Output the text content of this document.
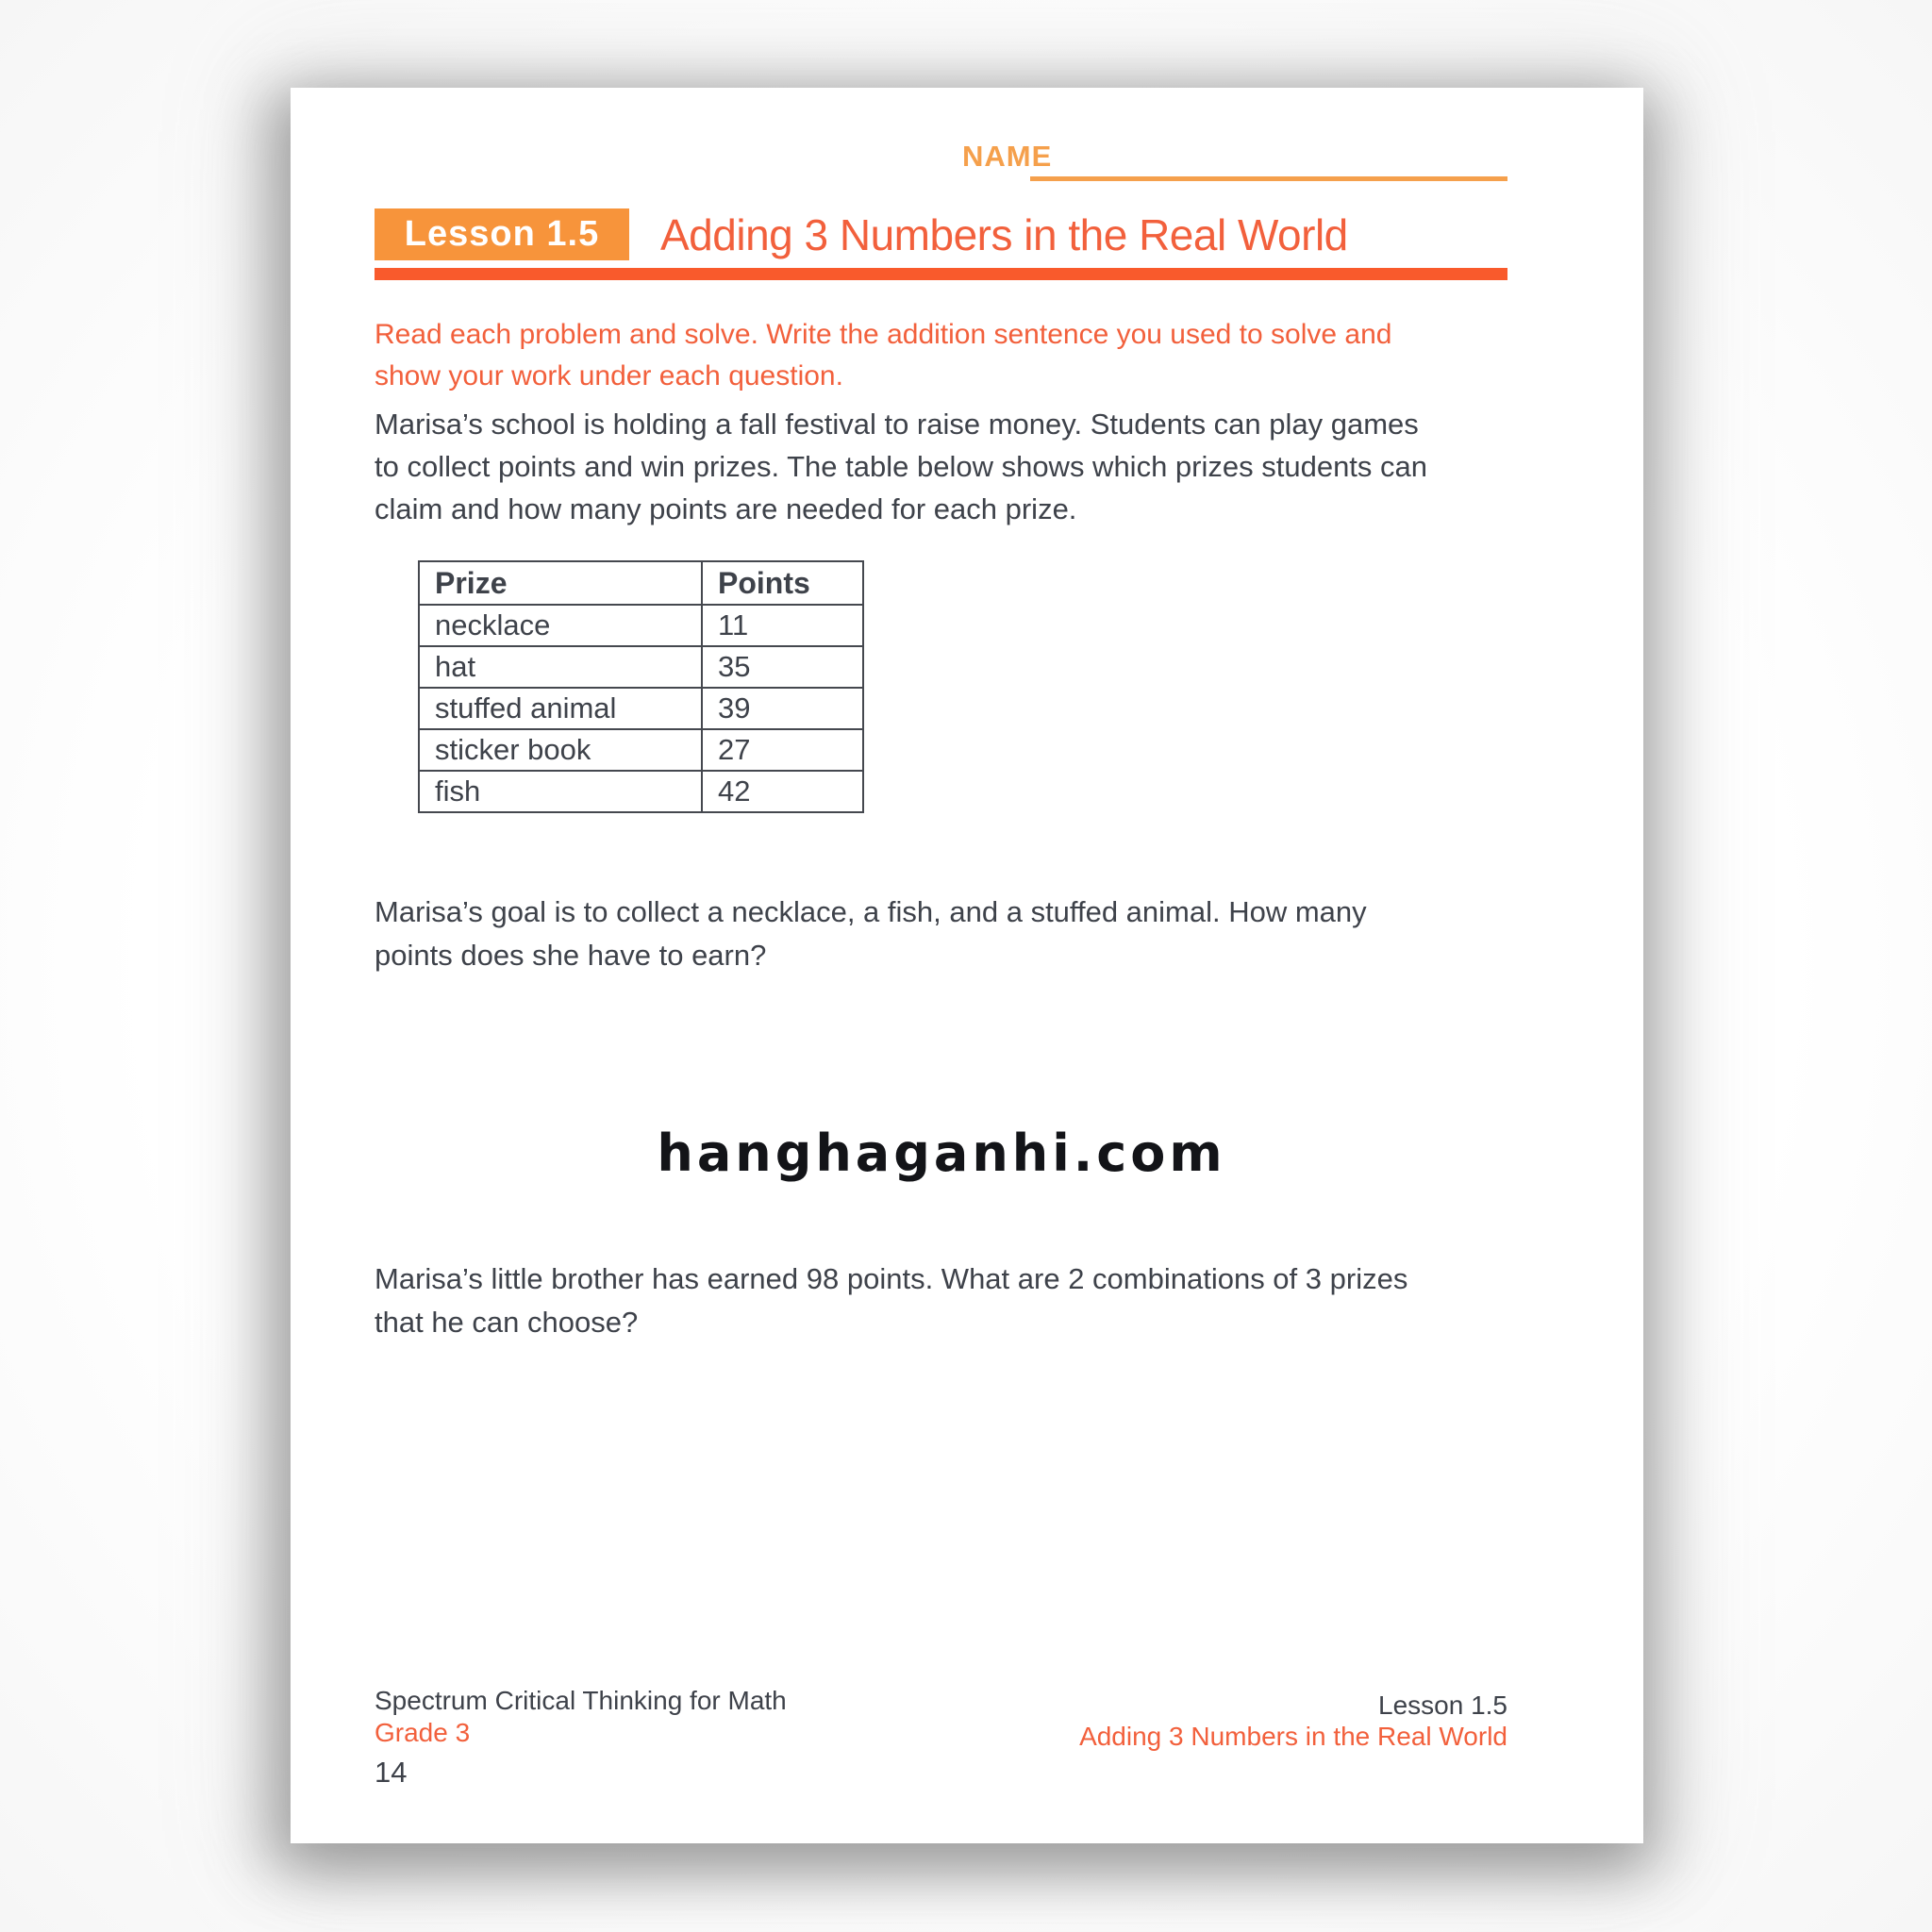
NAME
Lesson 1.5 Adding 3 Numbers in the Real World
Read each problem and solve. Write the addition sentence you used to solve and
show your work under each question.
Marisa’s school is holding a fall festival to raise money. Students can play games
to collect points and win prizes. The table below shows which prizes students can
claim and how many points are needed for each prize.
Prize	Points
necklace	11
hat	35
stuffed animal	39
sticker book	27
fish	42
Marisa’s goal is to collect a necklace, a fish, and a stuffed animal. How many
points does she have to earn?
hanghaganhi.com
Marisa’s little brother has earned 98 points. What are 2 combinations of 3 prizes
that he can choose?
Spectrum Critical Thinking for Math
Grade 3
14
Lesson 1.5
Adding 3 Numbers in the Real World
